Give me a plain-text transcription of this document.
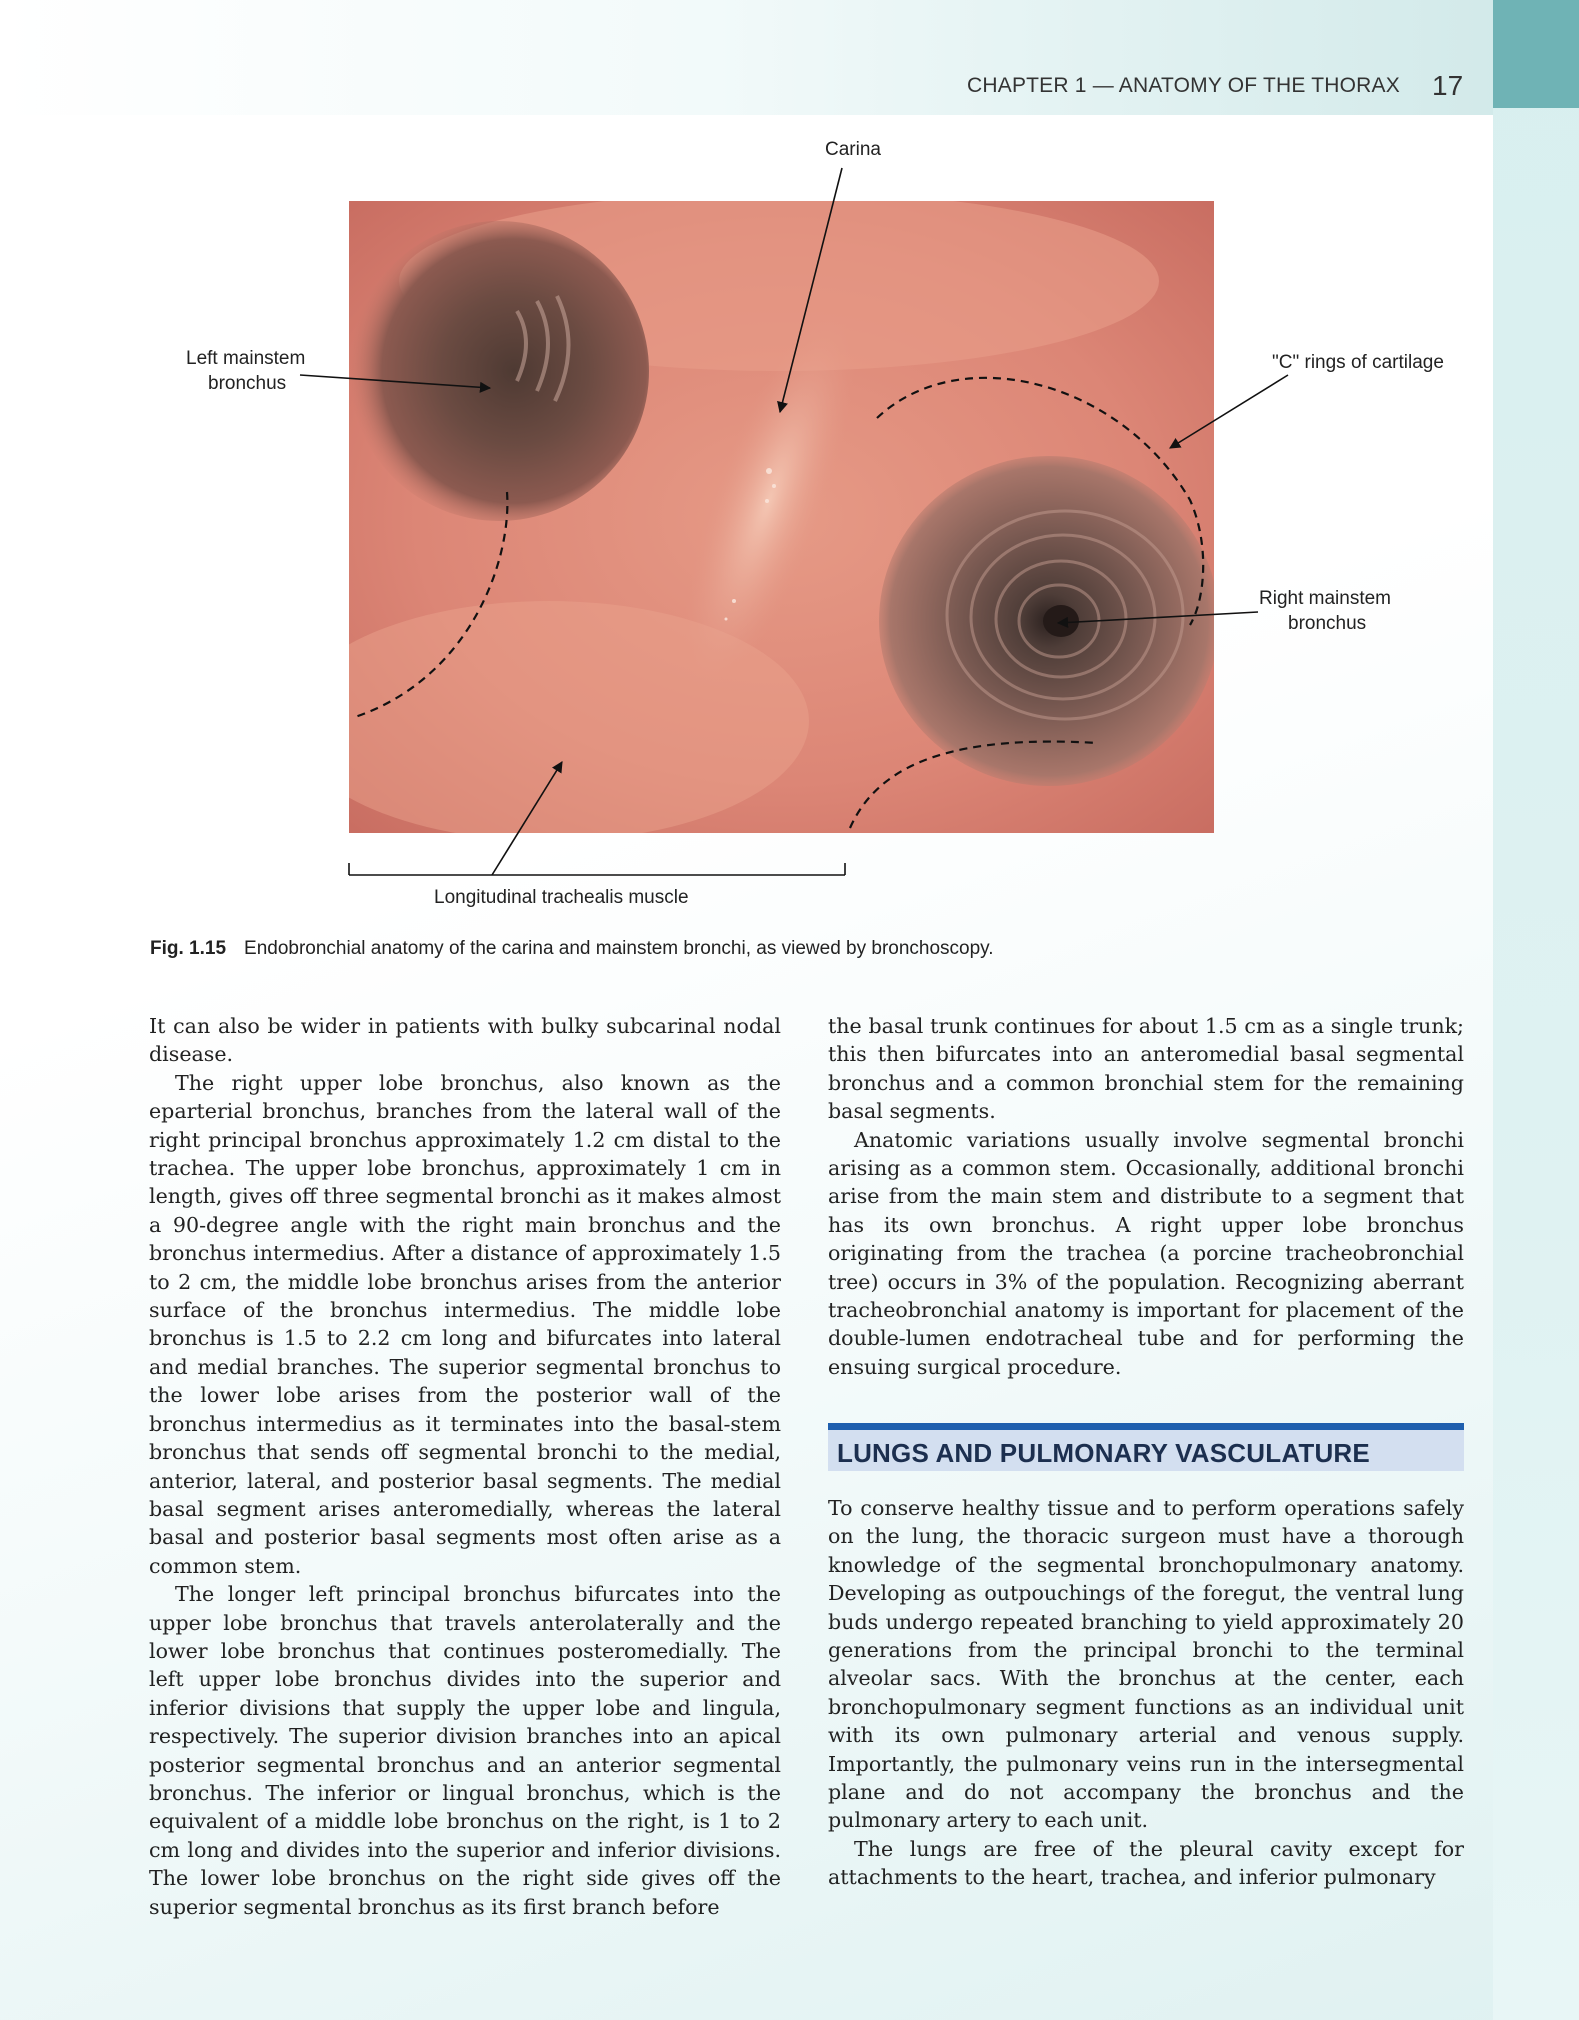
CHAPTER 1 — ANATOMY OF THE THORAX 17
Carina
Left mainstem
bronchus
"C" rings of cartilage
Right mainstem
bronchus
Longitudinal trachealis muscle
Fig. 1.15 Endobronchial anatomy of the carina and mainstem bronchi, as viewed by bronchoscopy.

It can also be wider in patients with bulky subcarinal nodal disease.

The right upper lobe bronchus, also known as the eparterial bronchus, branches from the lateral wall of the right principal bronchus approximately 1.2 cm distal to the trachea. The upper lobe bronchus, approximately 1 cm in length, gives off three segmental bronchi as it makes almost a 90-degree angle with the right main bronchus and the bronchus intermedius. After a distance of approximately 1.5 to 2 cm, the middle lobe bronchus arises from the anterior surface of the bronchus intermedius. The middle lobe bronchus is 1.5 to 2.2 cm long and bifurcates into lateral and medial branches. The superior segmental bronchus to the lower lobe arises from the posterior wall of the bronchus intermedius as it terminates into the basal-stem bronchus that sends off segmental bronchi to the medial, anterior, lateral, and posterior basal segments. The medial basal segment arises anteromedially, whereas the lateral basal and posterior basal segments most often arise as a common stem.

The longer left principal bronchus bifurcates into the upper lobe bronchus that travels anterolaterally and the lower lobe bronchus that continues posteromedially. The left upper lobe bronchus divides into the superior and inferior divisions that supply the upper lobe and lingula, respectively. The superior division branches into an apical posterior segmental bronchus and an anterior segmental bronchus. The inferior or lingual bronchus, which is the equivalent of a middle lobe bronchus on the right, is 1 to 2 cm long and divides into the superior and inferior divisions. The lower lobe bronchus on the right side gives off the superior segmental bronchus as its first branch before

the basal trunk continues for about 1.5 cm as a single trunk; this then bifurcates into an anteromedial basal segmental bronchus and a common bronchial stem for the remaining basal segments.

Anatomic variations usually involve segmental bronchi arising as a common stem. Occasionally, additional bronchi arise from the main stem and distribute to a segment that has its own bronchus. A right upper lobe bronchus originating from the trachea (a porcine tracheobronchial tree) occurs in 3% of the population. Recognizing aberrant tracheobronchial anatomy is important for placement of the double-lumen endotracheal tube and for performing the ensuing surgical procedure.

LUNGS AND PULMONARY VASCULATURE

To conserve healthy tissue and to perform operations safely on the lung, the thoracic surgeon must have a thorough knowledge of the segmental bronchopulmonary anatomy. Developing as outpouchings of the foregut, the ventral lung buds undergo repeated branching to yield approximately 20 generations from the principal bronchi to the terminal alveolar sacs. With the bronchus at the center, each bronchopulmonary segment functions as an individual unit with its own pulmonary arterial and venous supply. Importantly, the pulmonary veins run in the intersegmental plane and do not accompany the bronchus and the pulmonary artery to each unit.

The lungs are free of the pleural cavity except for attachments to the heart, trachea, and inferior pulmonary
